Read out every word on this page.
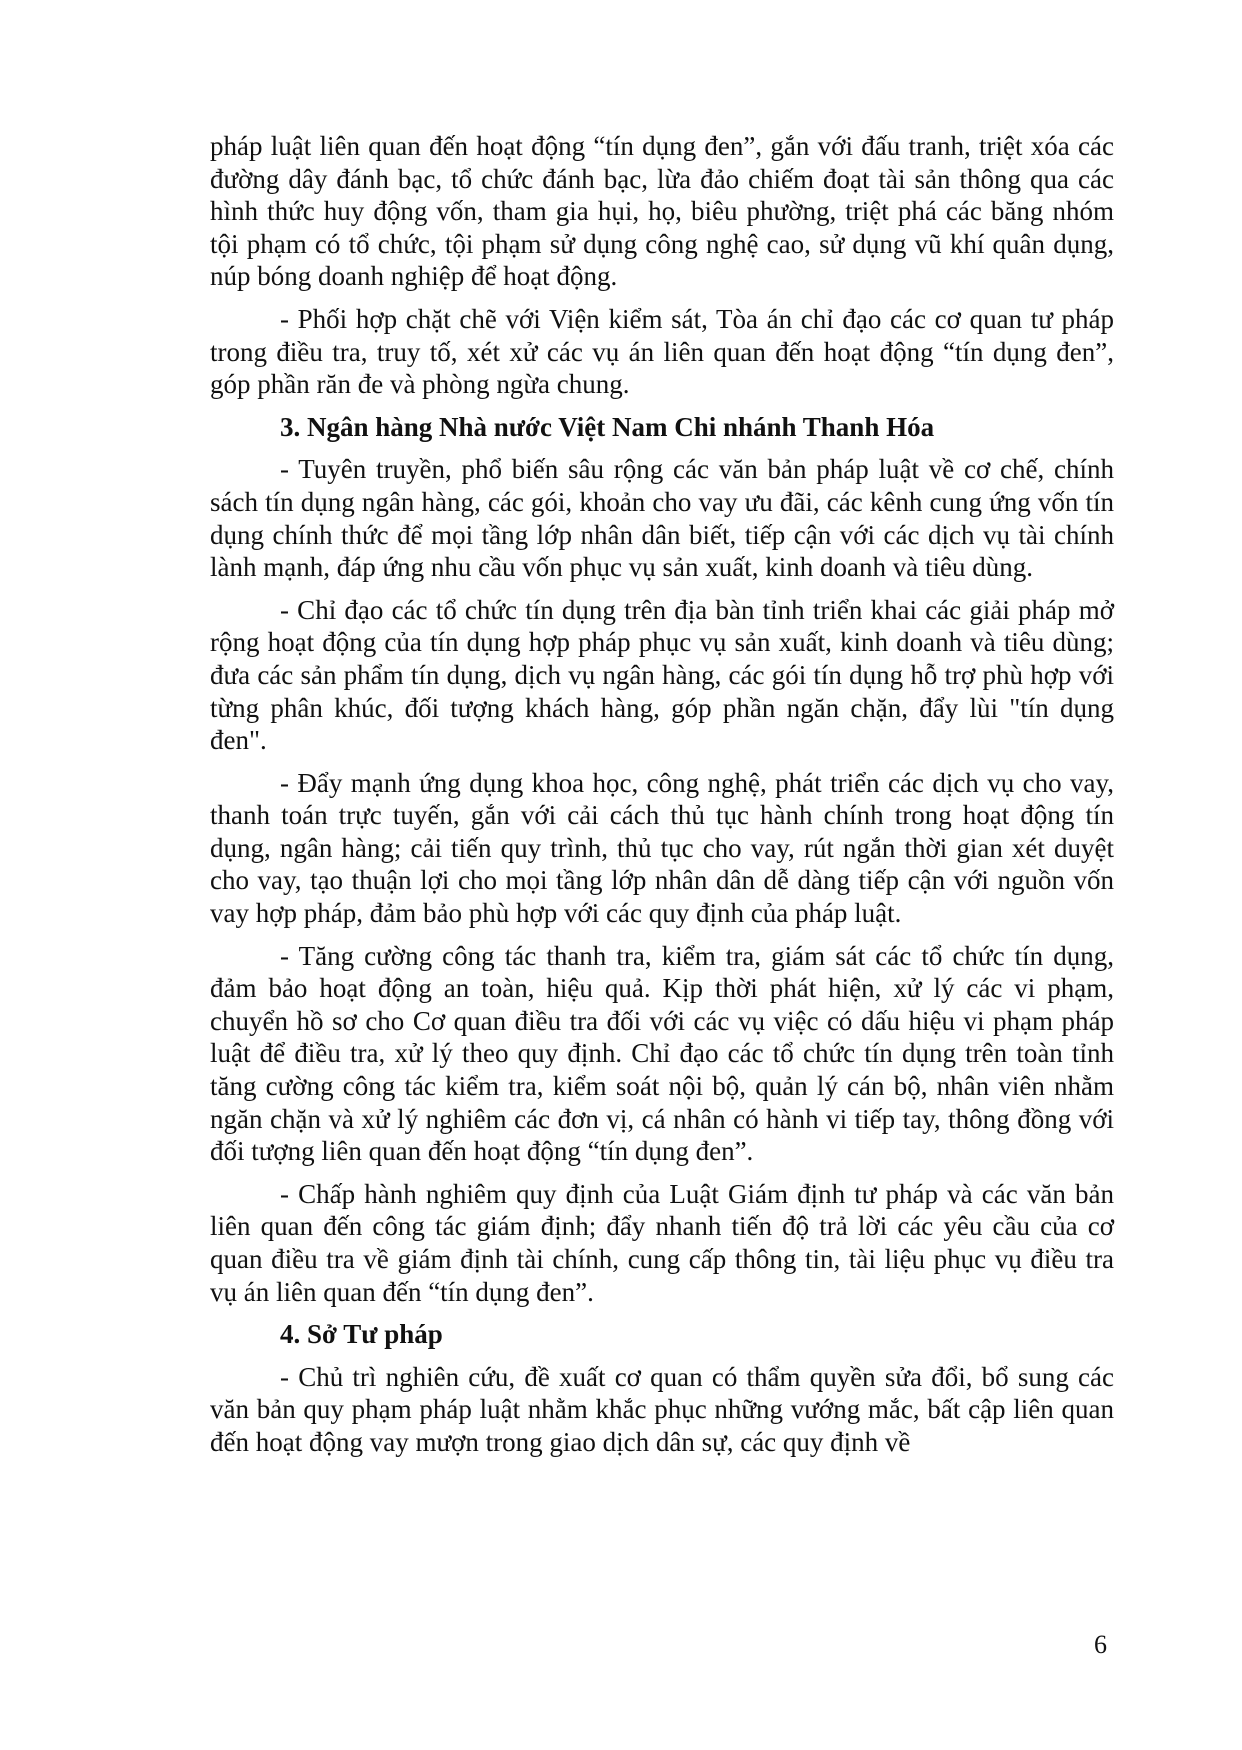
pháp luật liên quan đến hoạt động “tín dụng đen”, gắn với đấu tranh, triệt xóa các đường dây đánh bạc, tổ chức đánh bạc, lừa đảo chiếm đoạt tài sản thông qua các hình thức huy động vốn, tham gia hụi, họ, biêu phường, triệt phá các băng nhóm tội phạm có tổ chức, tội phạm sử dụng công nghệ cao, sử dụng vũ khí quân dụng, núp bóng doanh nghiệp để hoạt động.

- Phối hợp chặt chẽ với Viện kiểm sát, Tòa án chỉ đạo các cơ quan tư pháp trong điều tra, truy tố, xét xử các vụ án liên quan đến hoạt động “tín dụng đen”, góp phần răn đe và phòng ngừa chung.

3. Ngân hàng Nhà nước Việt Nam Chi nhánh Thanh Hóa

- Tuyên truyền, phổ biến sâu rộng các văn bản pháp luật về cơ chế, chính sách tín dụng ngân hàng, các gói, khoản cho vay ưu đãi, các kênh cung ứng vốn tín dụng chính thức để mọi tầng lớp nhân dân biết, tiếp cận với các dịch vụ tài chính lành mạnh, đáp ứng nhu cầu vốn phục vụ sản xuất, kinh doanh và tiêu dùng.

- Chỉ đạo các tổ chức tín dụng trên địa bàn tỉnh triển khai các giải pháp mở rộng hoạt động của tín dụng hợp pháp phục vụ sản xuất, kinh doanh và tiêu dùng; đưa các sản phẩm tín dụng, dịch vụ ngân hàng, các gói tín dụng hỗ trợ phù hợp với từng phân khúc, đối tượng khách hàng, góp phần ngăn chặn, đẩy lùi "tín dụng đen".

- Đẩy mạnh ứng dụng khoa học, công nghệ, phát triển các dịch vụ cho vay, thanh toán trực tuyến, gắn với cải cách thủ tục hành chính trong hoạt động tín dụng, ngân hàng; cải tiến quy trình, thủ tục cho vay, rút ngắn thời gian xét duyệt cho vay, tạo thuận lợi cho mọi tầng lớp nhân dân dễ dàng tiếp cận với nguồn vốn vay hợp pháp, đảm bảo phù hợp với các quy định của pháp luật.

- Tăng cường công tác thanh tra, kiểm tra, giám sát các tổ chức tín dụng, đảm bảo hoạt động an toàn, hiệu quả. Kịp thời phát hiện, xử lý các vi phạm, chuyển hồ sơ cho Cơ quan điều tra đối với các vụ việc có dấu hiệu vi phạm pháp luật để điều tra, xử lý theo quy định. Chỉ đạo các tổ chức tín dụng trên toàn tỉnh tăng cường công tác kiểm tra, kiểm soát nội bộ, quản lý cán bộ, nhân viên nhằm ngăn chặn và xử lý nghiêm các đơn vị, cá nhân có hành vi tiếp tay, thông đồng với đối tượng liên quan đến hoạt động “tín dụng đen”.

- Chấp hành nghiêm quy định của Luật Giám định tư pháp và các văn bản liên quan đến công tác giám định; đẩy nhanh tiến độ trả lời các yêu cầu của cơ quan điều tra về giám định tài chính, cung cấp thông tin, tài liệu phục vụ điều tra vụ án liên quan đến “tín dụng đen”.

4. Sở Tư pháp

- Chủ trì nghiên cứu, đề xuất cơ quan có thẩm quyền sửa đổi, bổ sung các văn bản quy phạm pháp luật nhằm khắc phục những vướng mắc, bất cập liên quan đến hoạt động vay mượn trong giao dịch dân sự, các quy định về

6
